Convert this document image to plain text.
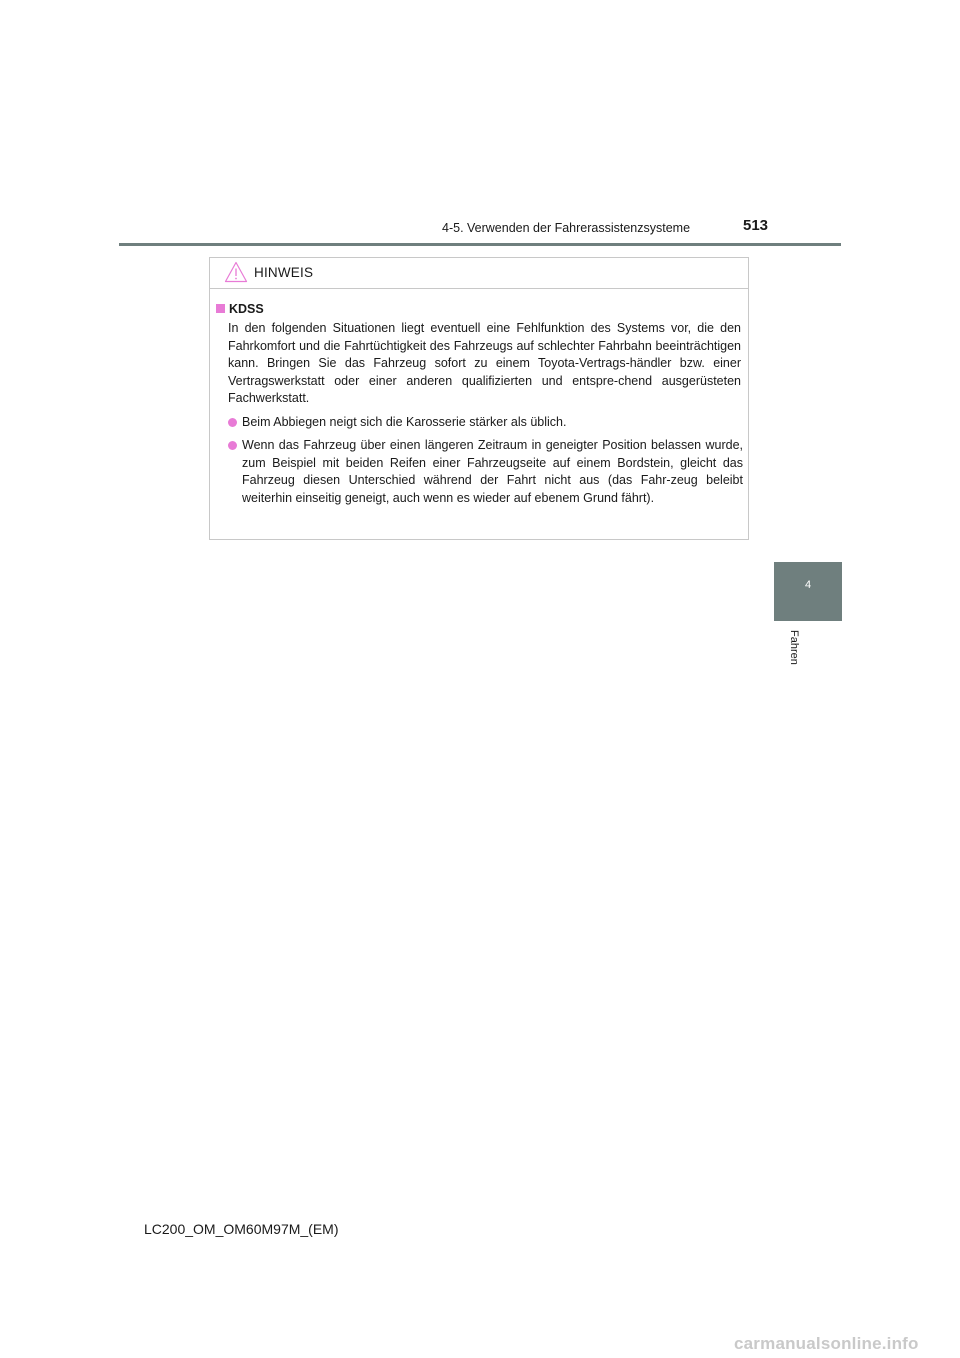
4-5. Verwenden der Fahrerassistenzsysteme	513
4
Fahren
HINWEIS
KDSS

In den folgenden Situationen liegt eventuell eine Fehlfunktion des Systems vor, die den Fahrkomfort und die Fahrtüchtigkeit des Fahrzeugs auf schlechter Fahrbahn beeinträchtigen kann. Bringen Sie das Fahrzeug sofort zu einem Toyota-Vertrags-händler bzw. einer Vertragswerkstatt oder einer anderen qualifizierten und entspre-chend ausgerüsteten Fachwerkstatt.

Beim Abbiegen neigt sich die Karosserie stärker als üblich.
Wenn das Fahrzeug über einen längeren Zeitraum in geneigter Position belassen wurde, zum Beispiel mit beiden Reifen einer Fahrzeugseite auf einem Bordstein, gleicht das Fahrzeug diesen Unterschied während der Fahrt nicht aus (das Fahr-zeug beleibt weiterhin einseitig geneigt, auch wenn es wieder auf ebenem Grund fährt).
LC200_OM_OM60M97M_(EM)
carmanualsonline.info
